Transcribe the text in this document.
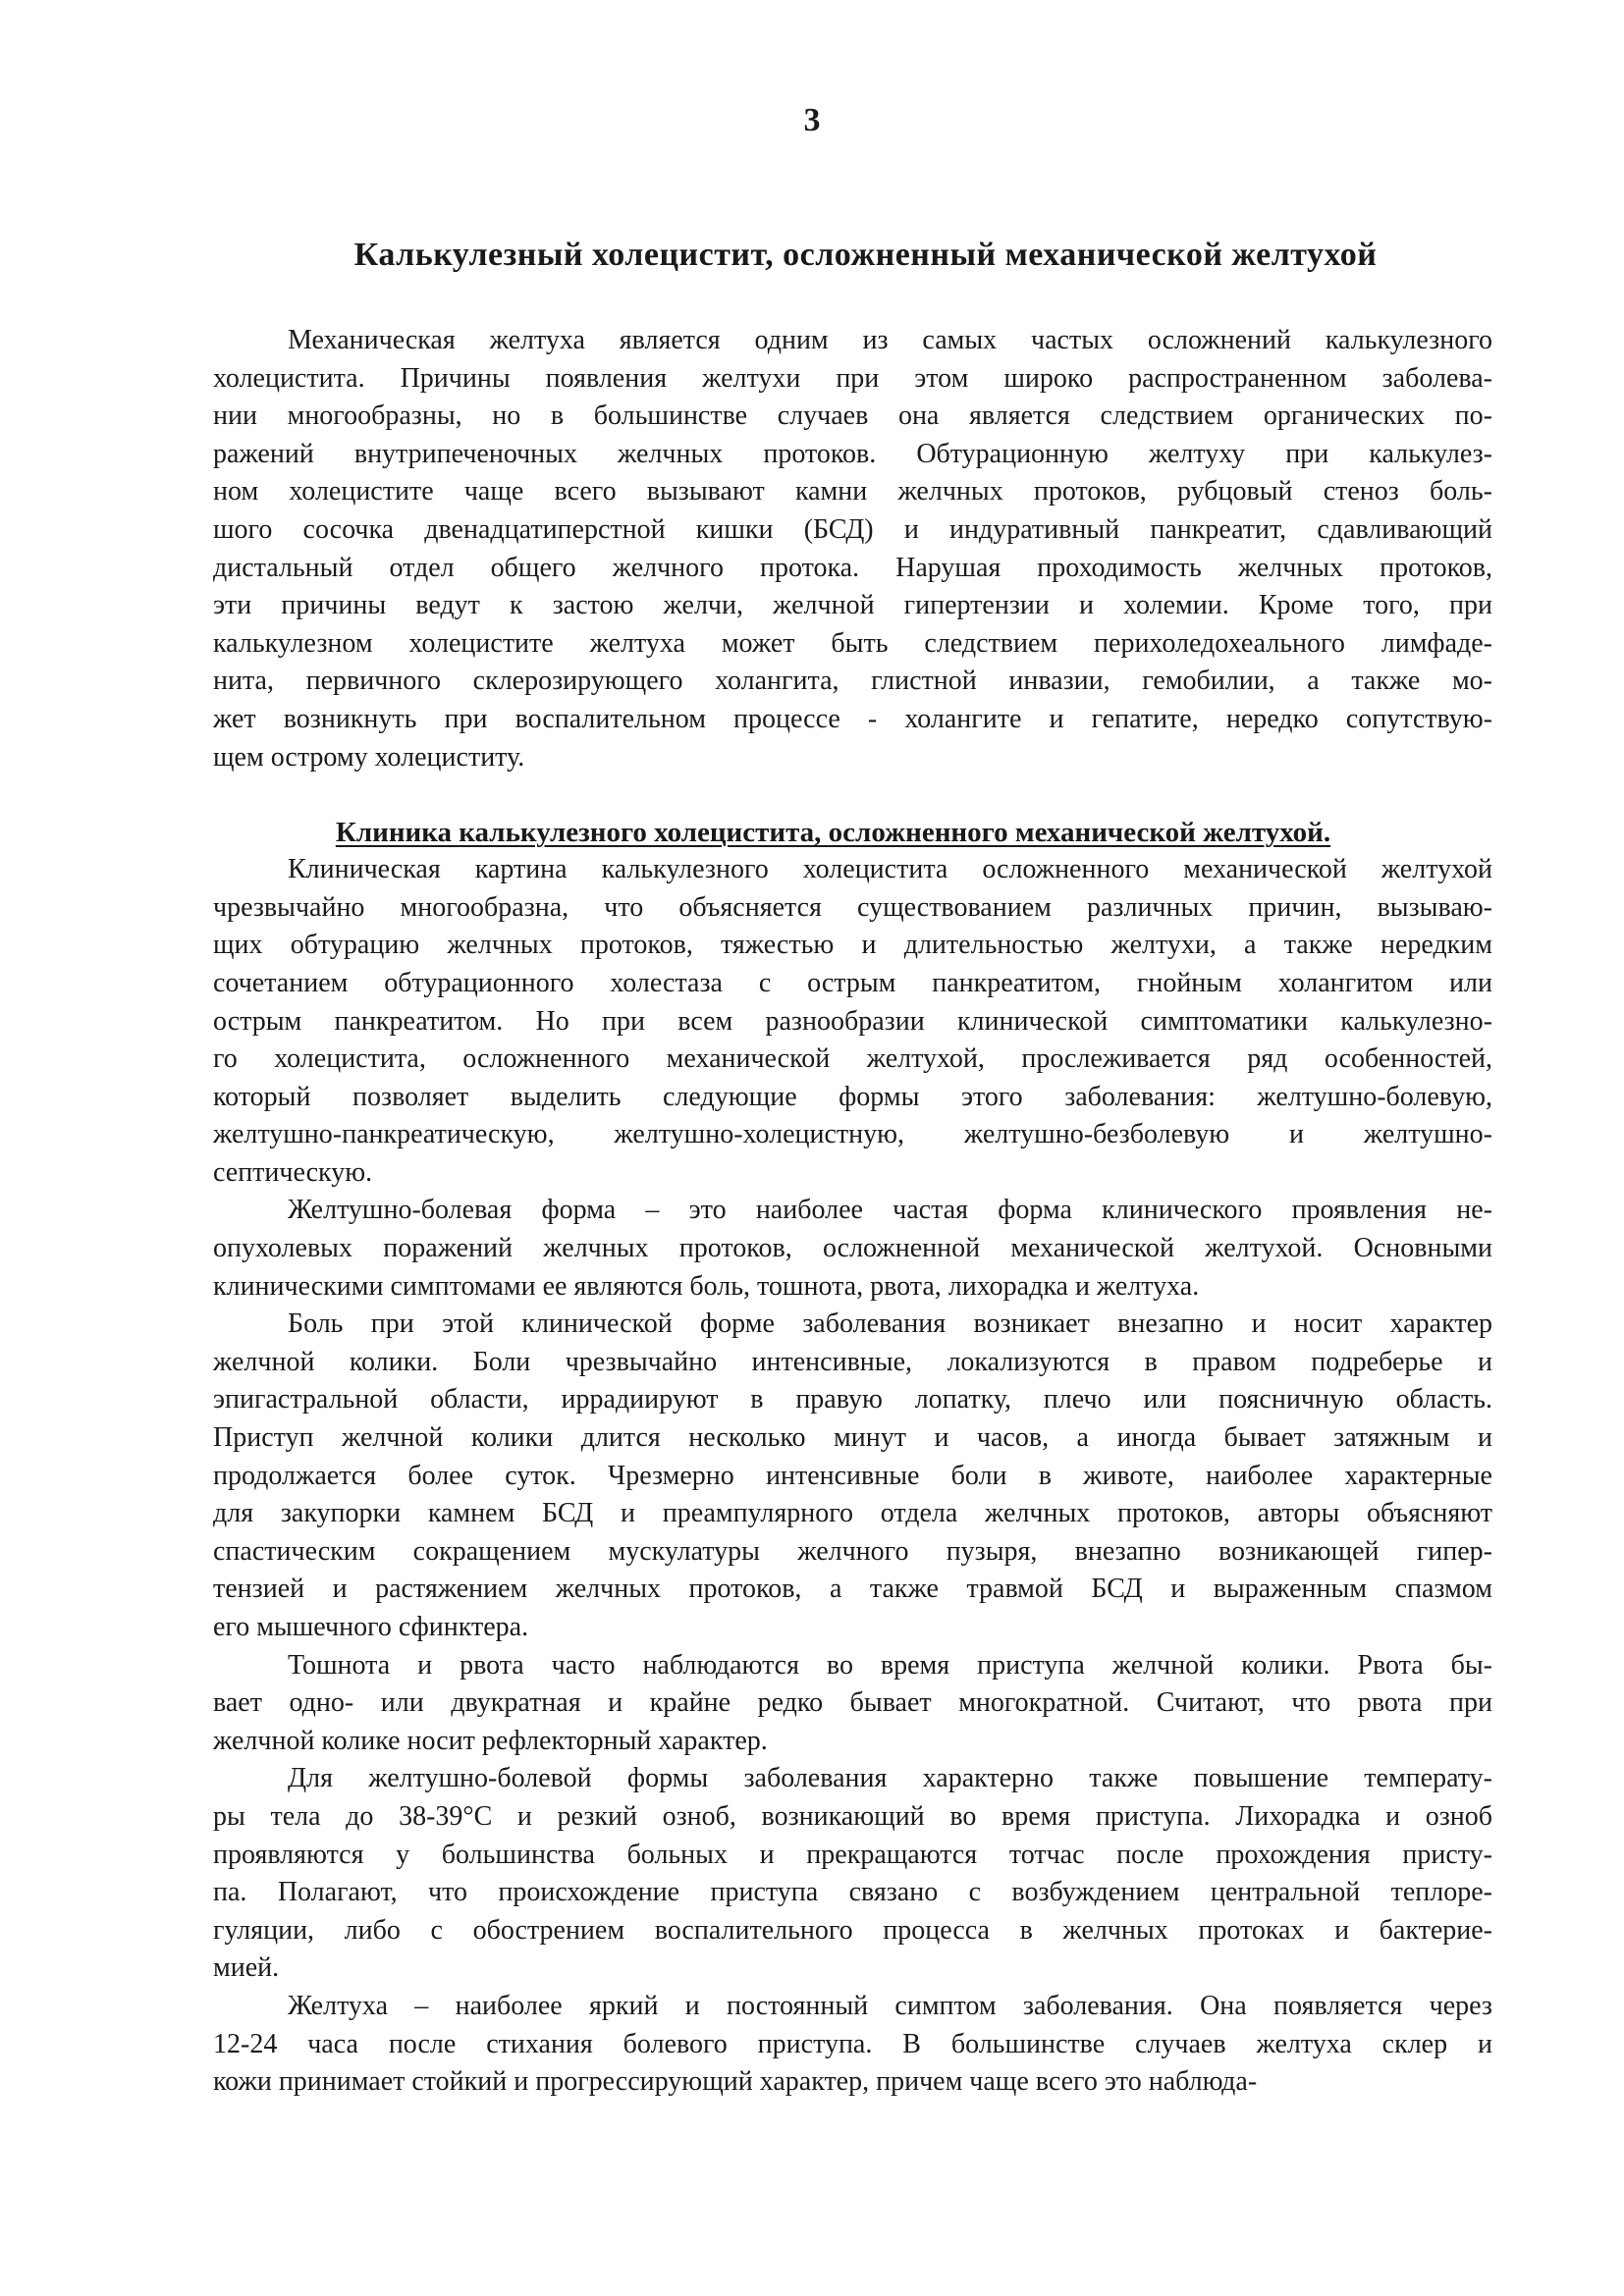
3
Калькулезный холецистит, осложненный механической желтухой
Механическая желтуха является одним из самых частых осложнений калькулезного
холецистита. Причины появления желтухи при этом широко распространенном заболева-
нии многообразны, но в большинстве случаев она является следствием органических по-
ражений внутрипеченочных желчных протоков. Обтурационную желтуху при калькулез-
ном холецистите чаще всего вызывают камни желчных протоков, рубцовый стеноз боль-
шого сосочка двенадцатиперстной кишки (БСД) и индуративный панкреатит, сдавливающий
дистальный отдел общего желчного протока. Нарушая проходимость желчных протоков,
эти причины ведут к застою желчи, желчной гипертензии и холемии. Кроме того, при
калькулезном холецистите желтуха может быть следствием перихоледохеального лимфаде-
нита, первичного склерозирующего холангита, глистной инвазии, гемобилии, а также мо-
жет возникнуть при воспалительном процессе - холангите и гепатите, нередко сопутствую-
щем острому холециститу.
Клиника калькулезного холецистита, осложненного механической желтухой.
Клиническая картина калькулезного холецистита осложненного механической желтухой
чрезвычайно многообразна, что объясняется существованием различных причин, вызываю-
щих обтурацию желчных протоков, тяжестью и длительностью желтухи, а также нередким
сочетанием обтурационного холестаза с острым панкреатитом, гнойным холангитом или
острым панкреатитом. Но при всем разнообразии клинической симптоматики калькулезно-
го холецистита, осложненного механической желтухой, прослеживается ряд особенностей,
который позволяет выделить следующие формы этого заболевания: желтушно-болевую,
желтушно-панкреатическую, желтушно-холецистную, желтушно-безболевую и желтушно-
септическую.
Желтушно-болевая форма – это наиболее частая форма клинического проявления не-
опухолевых поражений желчных протоков, осложненной механической желтухой. Основными
клиническими симптомами ее являются боль, тошнота, рвота, лихорадка и желтуха.
Боль при этой клинической форме заболевания возникает внезапно и носит характер
желчной колики. Боли чрезвычайно интенсивные, локализуются в правом подреберье и
эпигастральной области, иррадиируют в правую лопатку, плечо или поясничную область.
Приступ желчной колики длится несколько минут и часов, а иногда бывает затяжным и
продолжается более суток. Чрезмерно интенсивные боли в животе, наиболее характерные
для закупорки камнем БСД и преампулярного отдела желчных протоков, авторы объясняют
спастическим сокращением мускулатуры желчного пузыря, внезапно возникающей гипер-
тензией и растяжением желчных протоков, а также травмой БСД и выраженным спазмом
его мышечного сфинктера.
Тошнота и рвота часто наблюдаются во время приступа желчной колики. Рвота бы-
вает одно- или двукратная и крайне редко бывает многократной. Считают, что рвота при
желчной колике носит рефлекторный характер.
Для желтушно-болевой формы заболевания характерно также повышение температу-
ры тела до 38-39°С и резкий озноб, возникающий во время приступа. Лихорадка и озноб
проявляются у большинства больных и прекращаются тотчас после прохождения присту-
па. Полагают, что происхождение приступа связано с возбуждением центральной теплоре-
гуляции, либо с обострением воспалительного процесса в желчных протоках и бактерие-
мией.
Желтуха – наиболее яркий и постоянный симптом заболевания. Она появляется через
12-24 часа после стихания болевого приступа. В большинстве случаев желтуха склер и
кожи принимает стойкий и прогрессирующий характер, причем чаще всего это наблюда-
